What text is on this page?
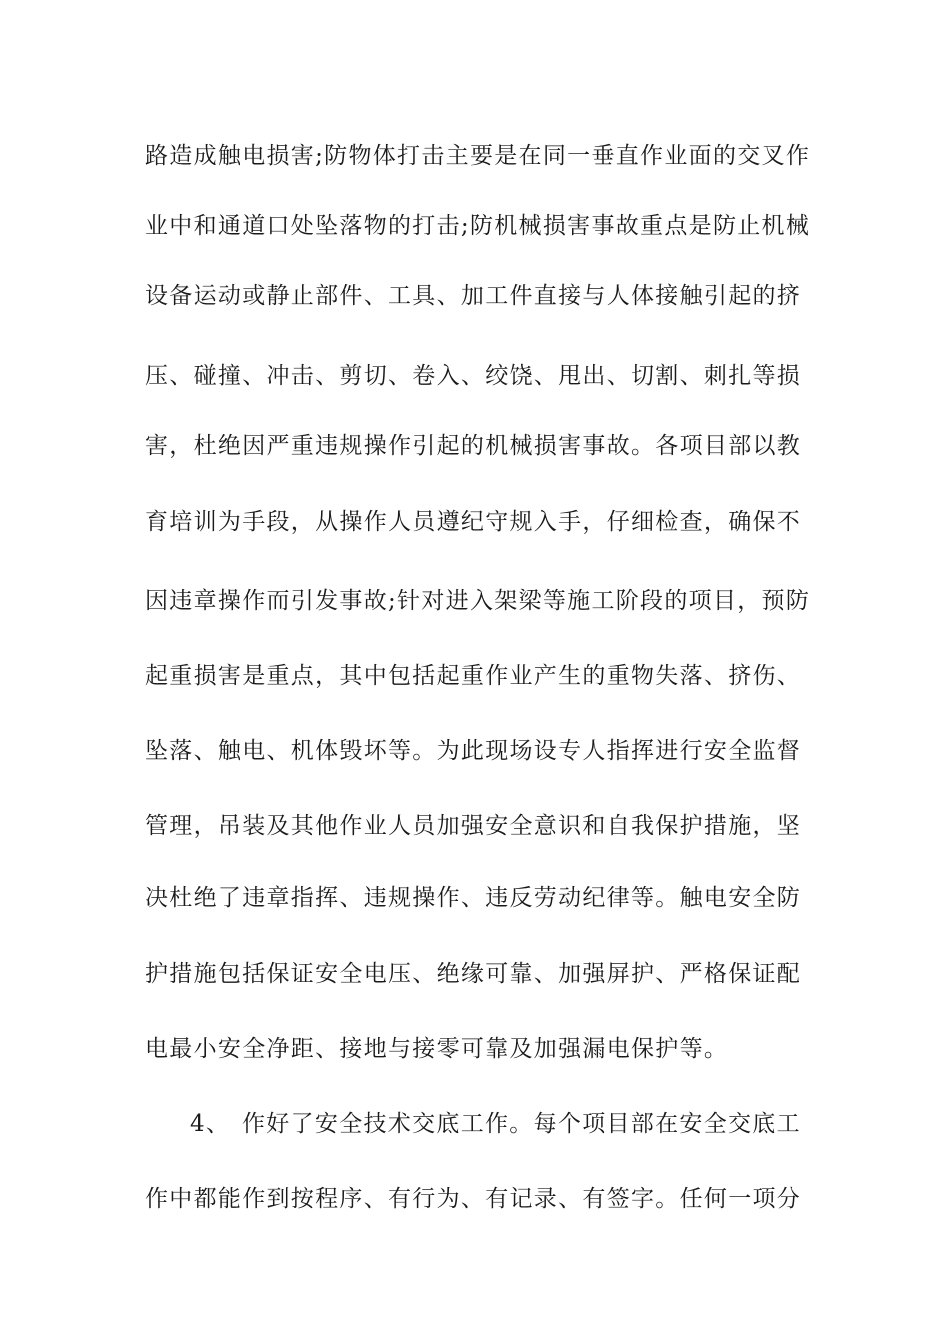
路造成触电损害;防物体打击主要是在同一垂直作业面的交叉作
业中和通道口处坠落物的打击;防机械损害事故重点是防止机械
设备运动或静止部件、工具、加工件直接与人体接触引起的挤
压、碰撞、冲击、剪切、卷入、绞饶、甩出、切割、刺扎等损
害，杜绝因严重违规操作引起的机械损害事故。各项目部以教
育培训为手段，从操作人员遵纪守规入手，仔细检查，确保不
因违章操作而引发事故;针对进入架梁等施工阶段的项目，预防
起重损害是重点，其中包括起重作业产生的重物失落、挤伤、
坠落、触电、机体毁坏等。为此现场设专人指挥进行安全监督
管理，吊装及其他作业人员加强安全意识和自我保护措施，坚
决杜绝了违章指挥、违规操作、违反劳动纪律等。触电安全防
护措施包括保证安全电压、绝缘可靠、加强屏护、严格保证配
电最小安全净距、接地与接零可靠及加强漏电保护等。
4、 作好了安全技术交底工作。每个项目部在安全交底工
作中都能作到按程序、有行为、有记录、有签字。任何一项分
